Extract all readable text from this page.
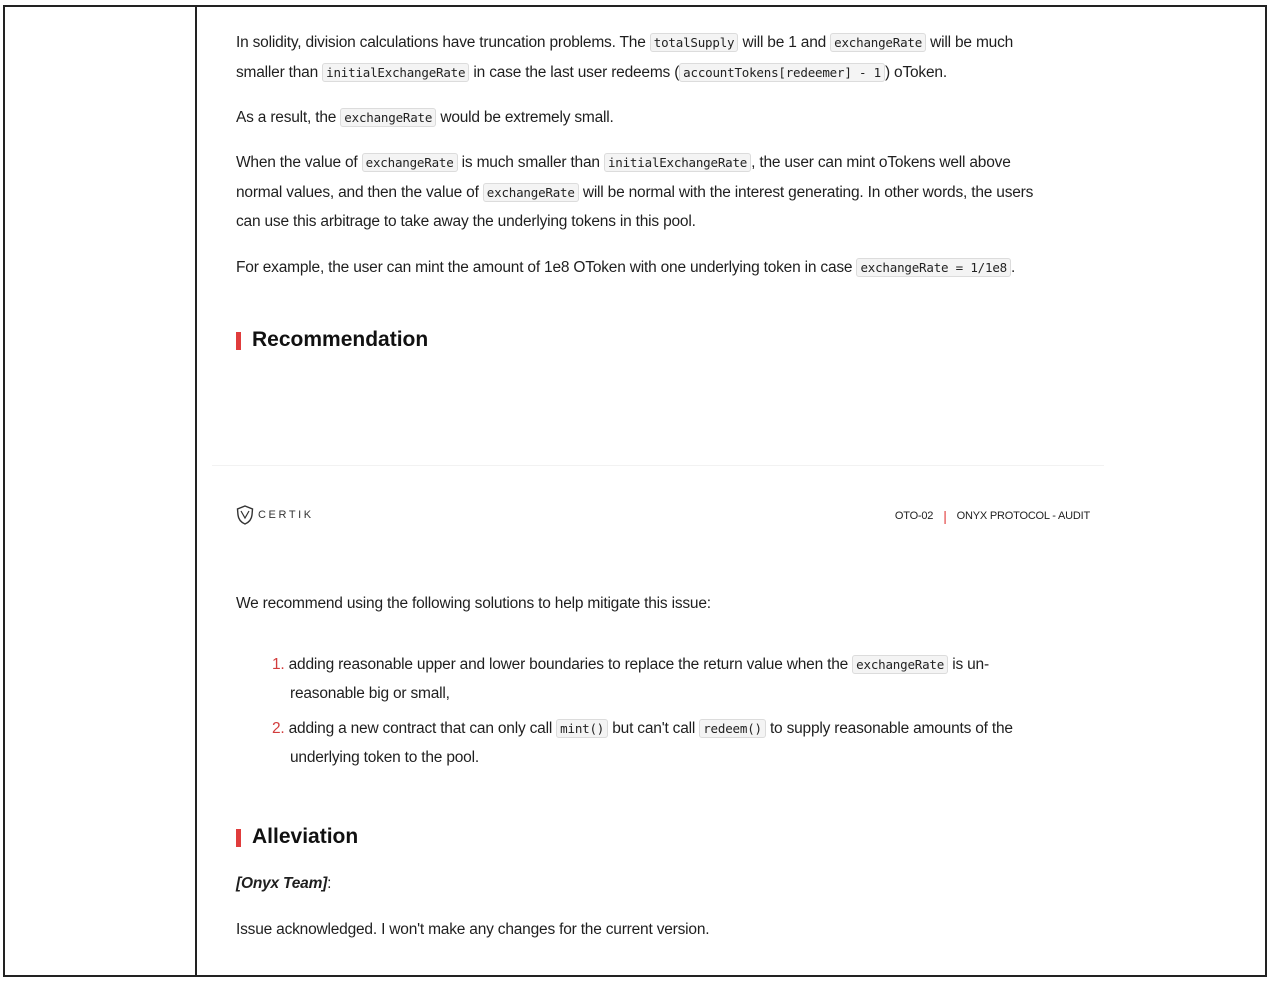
In solidity, division calculations have truncation problems. The totalSupply will be 1 and exchangeRate will be much
smaller than initialExchangeRate in case the last user redeems ( accountTokens[redeemer] - 1 ) oToken.

As a result, the exchangeRate would be extremely small.

When the value of exchangeRate is much smaller than initialExchangeRate , the user can mint oTokens well above
normal values, and then the value of exchangeRate will be normal with the interest generating. In other words, the users
can use this arbitrage to take away the underlying tokens in this pool.

For example, the user can mint the amount of 1e8 OToken with one underlying token in case exchangeRate = 1/1e8 .

Recommendation
CERTIK	OTO-02 | ONYX PROTOCOL - AUDIT

We recommend using the following solutions to help mitigate this issue:

1. adding reasonable upper and lower boundaries to replace the return value when the exchangeRate is un-
reasonable big or small,
2. adding a new contract that can only call mint() but can't call redeem() to supply reasonable amounts of the
underlying token to the pool.
Alleviation

[Onyx Team]:

Issue acknowledged. I won't make any changes for the current version.
